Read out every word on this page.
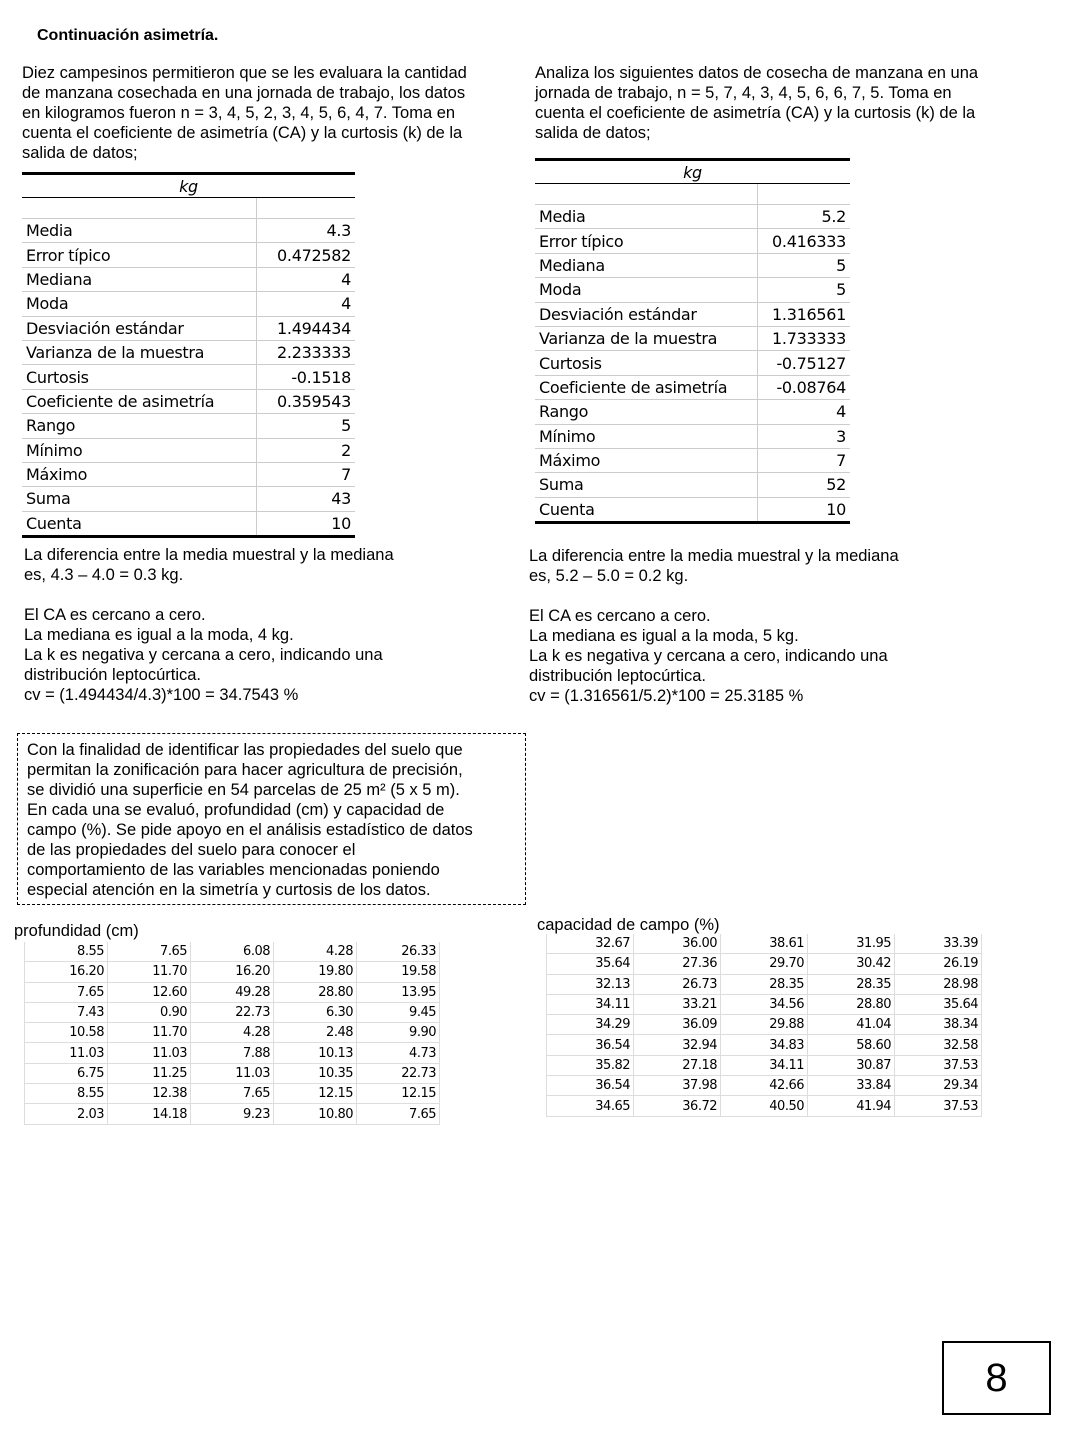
Continuación asimetría.
Diez campesinos permitieron que se les evaluara la cantidad
de manzana cosechada en una jornada de trabajo, los datos
en kilogramos fueron n = 3, 4, 5, 2, 3, 4, 5, 6, 4, 7. Toma en
cuenta el coeficiente de asimetría (CA) y la curtosis (k) de la
salida de datos;
kg	

Media	4.3
Error típico	0.472582
Mediana	4
Moda	4
Desviación estándar	1.494434
Varianza de la muestra	2.233333
Curtosis	-0.1518
Coeficiente de asimetría	0.359543
Rango	5
Mínimo	2
Máximo	7
Suma	43
Cuenta	10
La diferencia entre la media muestral y la mediana
es, 4.3 – 4.0 = 0.3 kg.
El CA es cercano a cero.
La mediana es igual a la moda, 4 kg.
La k es negativa y cercana a cero, indicando una
distribución leptocúrtica.
cv = (1.494434/4.3)*100 = 34.7543 %
Analiza los siguientes datos de cosecha de manzana en una
jornada de trabajo, n = 5, 7, 4, 3, 4, 5, 6, 6, 7, 5. Toma en
cuenta el coeficiente de asimetría (CA) y la curtosis (k) de la
salida de datos;
kg	

Media	5.2
Error típico	0.416333
Mediana	5
Moda	5
Desviación estándar	1.316561
Varianza de la muestra	1.733333
Curtosis	-0.75127
Coeficiente de asimetría	-0.08764
Rango	4
Mínimo	3
Máximo	7
Suma	52
Cuenta	10
La diferencia entre la media muestral y la mediana
es, 5.2 – 5.0 = 0.2 kg.
El CA es cercano a cero.
La mediana es igual a la moda, 5 kg.
La k es negativa y cercana a cero, indicando una
distribución leptocúrtica.
cv = (1.316561/5.2)*100 = 25.3185 %
Con la finalidad de identificar las propiedades del suelo que
permitan la zonificación para hacer agricultura de precisión,
se dividió una superficie en 54 parcelas de 25 m² (5 x 5 m).
En cada una se evaluó, profundidad (cm) y capacidad de
campo (%). Se pide apoyo en el análisis estadístico de datos
de las propiedades del suelo para conocer el
comportamiento de las variables mencionadas poniendo
especial atención en la simetría y curtosis de los datos.
profundidad (cm)
8.55	7.65	6.08	4.28	26.33
16.20	11.70	16.20	19.80	19.58
7.65	12.60	49.28	28.80	13.95
7.43	0.90	22.73	6.30	9.45
10.58	11.70	4.28	2.48	9.90
11.03	11.03	7.88	10.13	4.73
6.75	11.25	11.03	10.35	22.73
8.55	12.38	7.65	12.15	12.15
2.03	14.18	9.23	10.80	7.65
capacidad de campo (%)
32.67	36.00	38.61	31.95	33.39
35.64	27.36	29.70	30.42	26.19
32.13	26.73	28.35	28.35	28.98
34.11	33.21	34.56	28.80	35.64
34.29	36.09	29.88	41.04	38.34
36.54	32.94	34.83	58.60	32.58
35.82	27.18	34.11	30.87	37.53
36.54	37.98	42.66	33.84	29.34
34.65	36.72	40.50	41.94	37.53
8
